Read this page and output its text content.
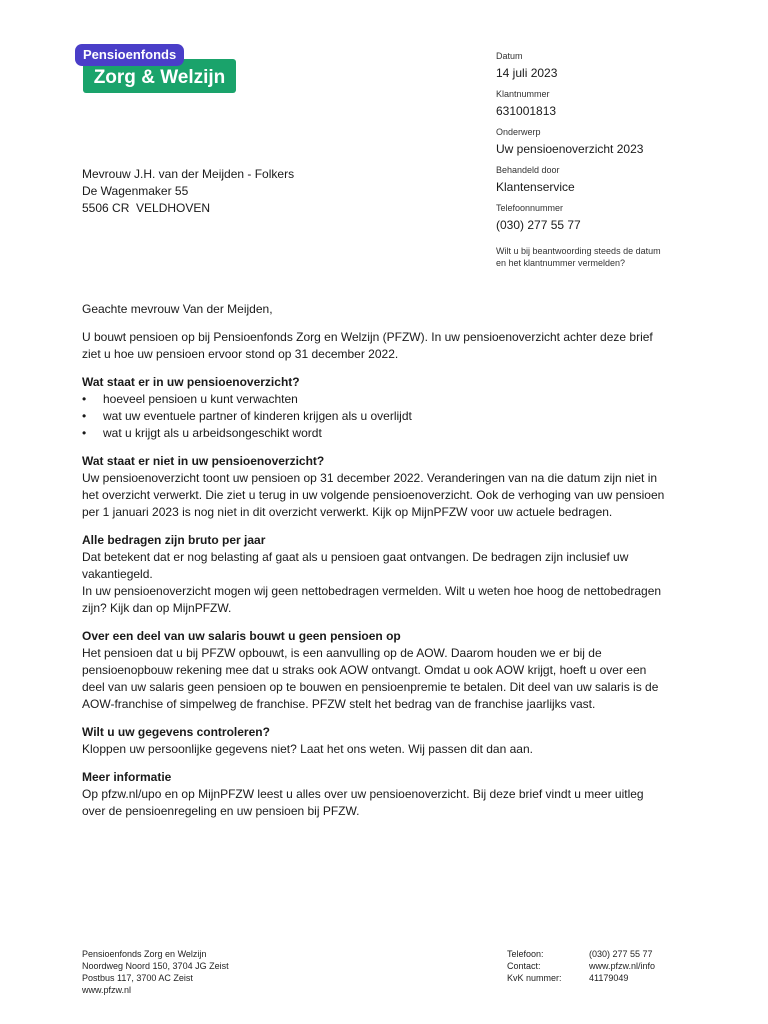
Pensioenfonds
Zorg & Welzijn

Datum

14 juli 2023

Klantnummer

631001813

Onderwerp

Uw pensioenoverzicht 2023

Behandeld door

Klantenservice

Telefoonnummer

(030) 277 55 77

Wilt u bij beantwoording steeds de datum
en het klantnummer vermelden?
Mevrouw J.H. van der Meijden - Folkers
De Wagenmaker 55
5506 CR  VELDHOVEN

Geachte mevrouw Van der Meijden,

U bouwt pensioen op bij Pensioenfonds Zorg en Welzijn (PFZW). In uw pensioenoverzicht achter deze brief

ziet u hoe uw pensioen ervoor stond op 31 december 2022.

Wat staat er in uw pensioenoverzicht?
• hoeveel pensioen u kunt verwachten
• wat uw eventuele partner of kinderen krijgen als u overlijdt
• wat u krijgt als u arbeidsongeschikt wordt
Wat staat er niet in uw pensioenoverzicht?

Uw pensioenoverzicht toont uw pensioen op 31 december 2022. Veranderingen van na die datum zijn niet in

het overzicht verwerkt. Die ziet u terug in uw volgende pensioenoverzicht. Ook de verhoging van uw pensioen

per 1 januari 2023 is nog niet in dit overzicht verwerkt. Kijk op MijnPFZW voor uw actuele bedragen.

Alle bedragen zijn bruto per jaar

Dat betekent dat er nog belasting af gaat als u pensioen gaat ontvangen. De bedragen zijn inclusief uw

vakantiegeld.

In uw pensioenoverzicht mogen wij geen nettobedragen vermelden. Wilt u weten hoe hoog de nettobedragen

zijn? Kijk dan op MijnPFZW.

Over een deel van uw salaris bouwt u geen pensioen op

Het pensioen dat u bij PFZW opbouwt, is een aanvulling op de AOW. Daarom houden we er bij de

pensioenopbouw rekening mee dat u straks ook AOW ontvangt. Omdat u ook AOW krijgt, hoeft u over een

deel van uw salaris geen pensioen op te bouwen en pensioenpremie te betalen. Dit deel van uw salaris is de

AOW-franchise of simpelweg de franchise. PFZW stelt het bedrag van de franchise jaarlijks vast.

Wilt u uw gegevens controleren?

Kloppen uw persoonlijke gegevens niet? Laat het ons weten. Wij passen dit dan aan.

Meer informatie

Op pfzw.nl/upo en op MijnPFZW leest u alles over uw pensioenoverzicht. Bij deze brief vindt u meer uitleg

over de pensioenregeling en uw pensioen bij PFZW.

Pensioenfonds Zorg en Welzijn
Noordweg Noord 150, 3704 JG Zeist
Postbus 117, 3700 AC Zeist
www.pfzw.nl
Telefoon:
Contact:
KvK nummer:
(030) 277 55 77
www.pfzw.nl/info
41179049
